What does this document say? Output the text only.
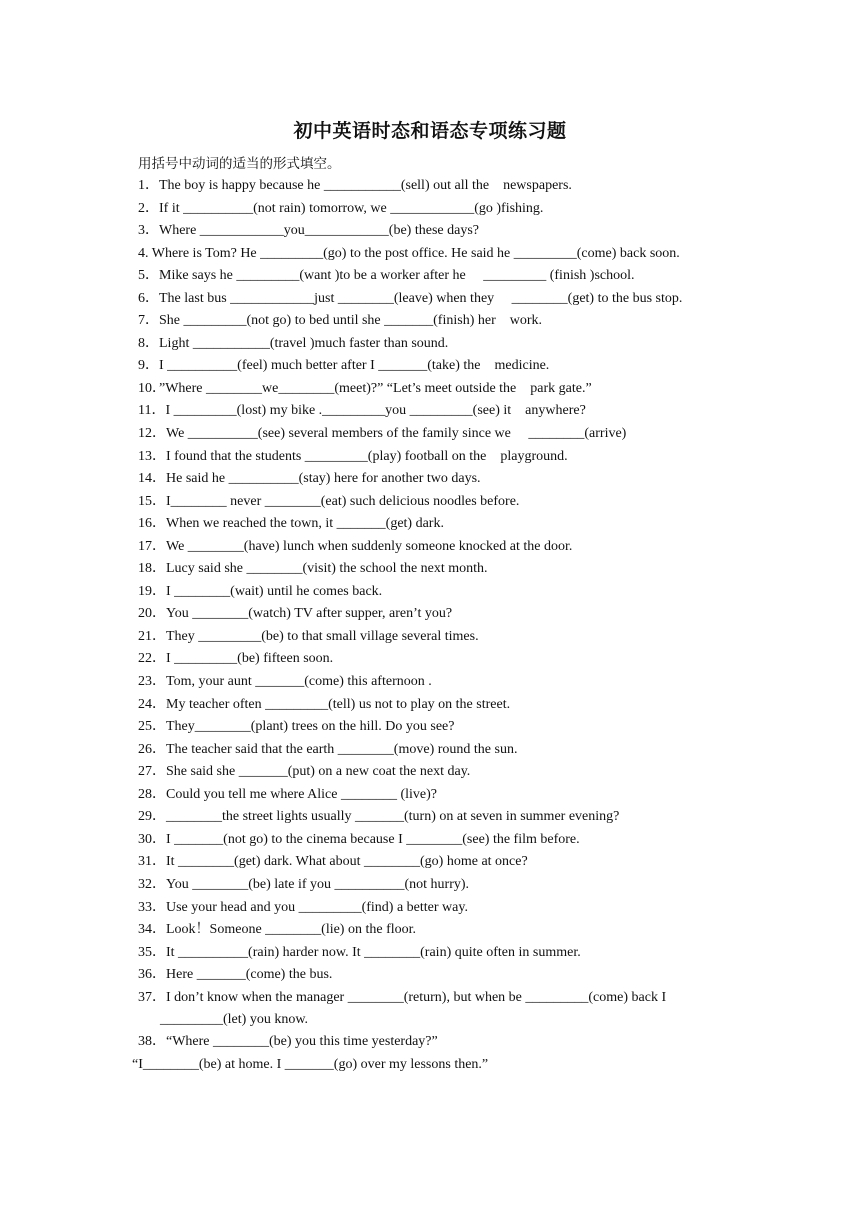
初中英语时态和语态专项练习题
用括号中动词的适当的形式填空。
1．The boy is happy because he ___________(sell) out all the    newspapers.
2．If it __________(not rain) tomorrow, we ____________(go )fishing.
3．Where ____________you____________(be) these days?
4. Where is Tom? He _________(go) to the post office. He said he _________(come) back soon.
5．Mike says he _________(want )to be a worker after he     _________ (finish )school.
6．The last bus ____________just ________(leave) when they     ________(get) to the bus stop.
7．She _________(not go) to bed until she _______(finish) her    work.
8．Light ___________(travel )much faster than sound.
9．I __________(feel) much better after I _______(take) the    medicine.
10．”Where ________we________(meet)?” “Let’s meet outside the    park gate.”
11．I _________(lost) my bike ._________you _________(see) it    anywhere?
12．We __________(see) several members of the family since we     ________(arrive)
13．I found that the students _________(play) football on the    playground.
14．He said he __________(stay) here for another two days.
15．I________ never ________(eat) such delicious noodles before.
16．When we reached the town, it _______(get) dark.
17．We ________(have) lunch when suddenly someone knocked at the door.
18．Lucy said she ________(visit) the school the next month.
19．I ________(wait) until he comes back.
20．You ________(watch) TV after supper, aren’t you?
21．They _________(be) to that small village several times.
22．I _________(be) fifteen soon.
23．Tom, your aunt _______(come) this afternoon .
24．My teacher often _________(tell) us not to play on the street.
25．They________(plant) trees on the hill. Do you see?
26．The teacher said that the earth ________(move) round the sun.
27．She said she _______(put) on a new coat the next day.
28．Could you tell me where Alice ________ (live)?
29．________the street lights usually _______(turn) on at seven in summer evening?
30．I _______(not go) to the cinema because I ________(see) the film before.
31．It ________(get) dark. What about ________(go) home at once?
32．You ________(be) late if you __________(not hurry).
33．Use your head and you _________(find) a better way.
34．Look！Someone ________(lie) on the floor.
35．It __________(rain) harder now. It ________(rain) quite often in summer.
36．Here _______(come) the bus.
37．I don’t know when the manager ________(return), but when be _________(come) back I
_________(let) you know.
38．“Where ________(be) you this time yesterday?”
“I________(be) at home. I _______(go) over my lessons then.”
